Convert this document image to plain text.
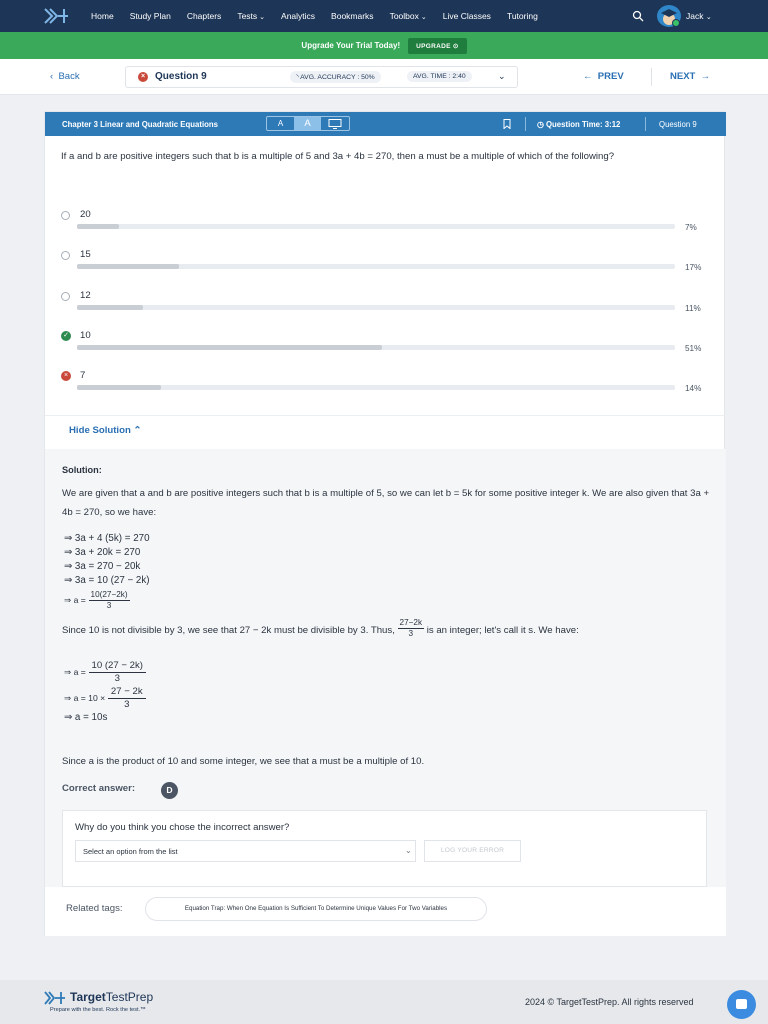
Home Study Plan Chapters Tests ⌄ Analytics Bookmarks Toolbox ⌄ Live Classes Tutoring	Jack ⌄
Upgrade Your Trial Today!	UPGRADE ⊙
‹ Back	× Question 9	◝ AVG. ACCURACY : 50%	AVG. TIME : 2:40	⌄	← PREV	NEXT →
Chapter 3 Linear and Quadratic Equations	A	A	◷ Question Time: 3:12	Question 9
If a and b are positive integers such that b is a multiple of 5 and 3a + 4b = 270, then a must be a multiple of which of the following?
20
7%
15
17%
12
11%
✓ 10
51%
×	7
14%
Hide Solution ⌃
Solution:
We are given that a and b are positive integers such that b is a multiple of 5, so we can let b = 5k for some positive integer k. We are also given that 3a + 4b = 270, so we have:
⇒ 3a + 4 (5k) = 270
⇒ 3a + 20k = 270
⇒ 3a = 270 − 20k
⇒ 3a = 10 (27 − 2k)
⇒ $a = \frac{10(27-2k)}{3}$
Since 10 is not divisible by 3, we see that 27 − 2k must be divisible by 3. Thus, $\frac{27-2k}{3}$ is an integer; let's call it s. We have:
⇒ $a = \frac{10 (27 - 2k)}{3}$
⇒ $a = 10 \times \frac{27 - 2k}{3}$
⇒ a = 10s
Since a is the product of 10 and some integer, we see that a must be a multiple of 10.
Correct answer:	D
Why do you think you chose the incorrect answer?
Select an option from the list	⌄	LOG YOUR ERROR
Related tags:	Equation Trap: When One Equation Is Sufficient To Determine Unique Values For Two Variables
TargetTestPrep
Prepare with the best. Rock the test.™
2024 © TargetTestPrep. All rights reserved
